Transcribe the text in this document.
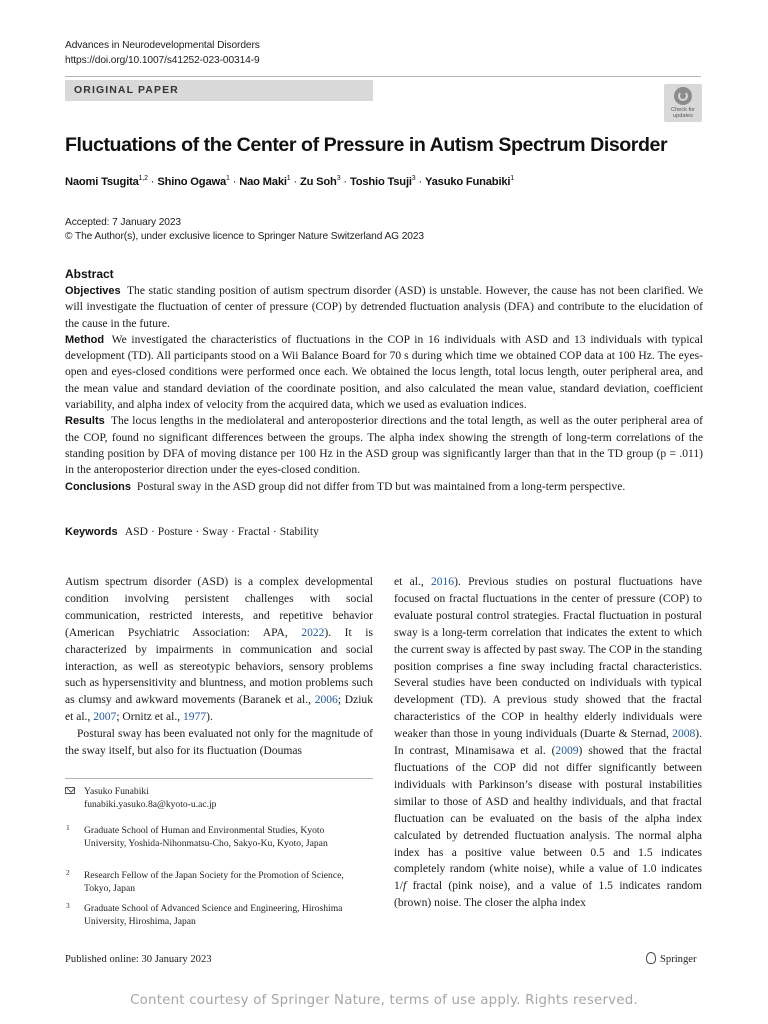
Advances in Neurodevelopmental Disorders
https://doi.org/10.1007/s41252-023-00314-9
ORIGINAL PAPER
Check for
updates
Fluctuations of the Center of Pressure in Autism Spectrum Disorder
Naomi Tsugita$^{1,2}$ · Shino Ogawa$^1$ · Nao Maki$^1$ · Zu Soh$^3$ · Toshio Tsuji$^3$ · Yasuko Funabiki$^1$
Accepted: 7 January 2023
© The Author(s), under exclusive licence to Springer Nature Switzerland AG 2023
Abstract

Objectives The static standing position of autism spectrum disorder (ASD) is unstable. However, the cause has not been clarified. We will investigate the fluctuation of center of pressure (COP) by detrended fluctuation analysis (DFA) and contribute to the elucidation of the cause in the future.

Method We investigated the characteristics of fluctuations in the COP in 16 individuals with ASD and 13 individuals with typical development (TD). All participants stood on a Wii Balance Board for 70 s during which time we obtained COP data at 100 Hz. The eyes-open and eyes-closed conditions were performed once each. We obtained the locus length, total locus length, outer peripheral area, and the mean value and standard deviation of the coordinate position, and also calculated the mean value, standard deviation, coefficient variability, and alpha index of velocity from the acquired data, which we used as evaluation indices.

Results The locus lengths in the mediolateral and anteroposterior directions and the total length, as well as the outer peripheral area of the COP, found no significant differences between the groups. The alpha index showing the strength of long-term correlations of the standing position by DFA of moving distance per 100 Hz in the ASD group was significantly larger than that in the TD group (p = .011) in the anteroposterior direction under the eyes-closed condition.

Conclusions Postural sway in the ASD group did not differ from TD but was maintained from a long-term perspective.

Keywords ASD · Posture · Sway · Fractal · Stability

Autism spectrum disorder (ASD) is a complex developmental condition involving persistent challenges with social communication, restricted interests, and repetitive behavior (American Psychiatric Association: APA, 2022). It is characterized by impairments in communication and social interaction, as well as stereotypic behaviors, sensory problems such as hypersensitivity and bluntness, and motion problems such as clumsy and awkward movements (Baranek et al., 2006; Dziuk et al., 2007; Ornitz et al., 1977).

Postural sway has been evaluated not only for the magnitude of the sway itself, but also for its fluctuation (Doumas

Yasuko Funabiki
funabiki.yasuko.8a@kyoto-u.ac.jp
1 Graduate School of Human and Environmental Studies, Kyoto University, Yoshida-Nihonmatsu-Cho, Sakyo-Ku, Kyoto, Japan
2 Research Fellow of the Japan Society for the Promotion of Science, Tokyo, Japan
3 Graduate School of Advanced Science and Engineering, Hiroshima University, Hiroshima, Japan

et al., 2016). Previous studies on postural fluctuations have focused on fractal fluctuations in the center of pressure (COP) to evaluate postural control strategies. Fractal fluctuation in postural sway is a long-term correlation that indicates the extent to which the current sway is affected by past sway. The COP in the standing position comprises a fine sway including fractal characteristics. Several studies have been conducted on individuals with typical development (TD). A previous study showed that the fractal characteristics of the COP in healthy elderly individuals were weaker than those in young individuals (Duarte & Sternad, 2008). In contrast, Minamisawa et al. (2009) showed that the fractal fluctuations of the COP did not differ significantly between individuals with Parkinson’s disease with postural instabilities similar to those of ASD and healthy individuals, and that fractal fluctuation can be evaluated on the basis of the alpha index calculated by detrended fluctuation analysis. The normal alpha index has a positive value between 0.5 and 1.5 indicates completely random (white noise), while a value of 1.0 indicates 1/f fractal (pink noise), and a value of 1.5 indicates random (brown) noise. The closer the alpha index

Published online: 30 January 2023	Springer
Content courtesy of Springer Nature, terms of use apply. Rights reserved.
